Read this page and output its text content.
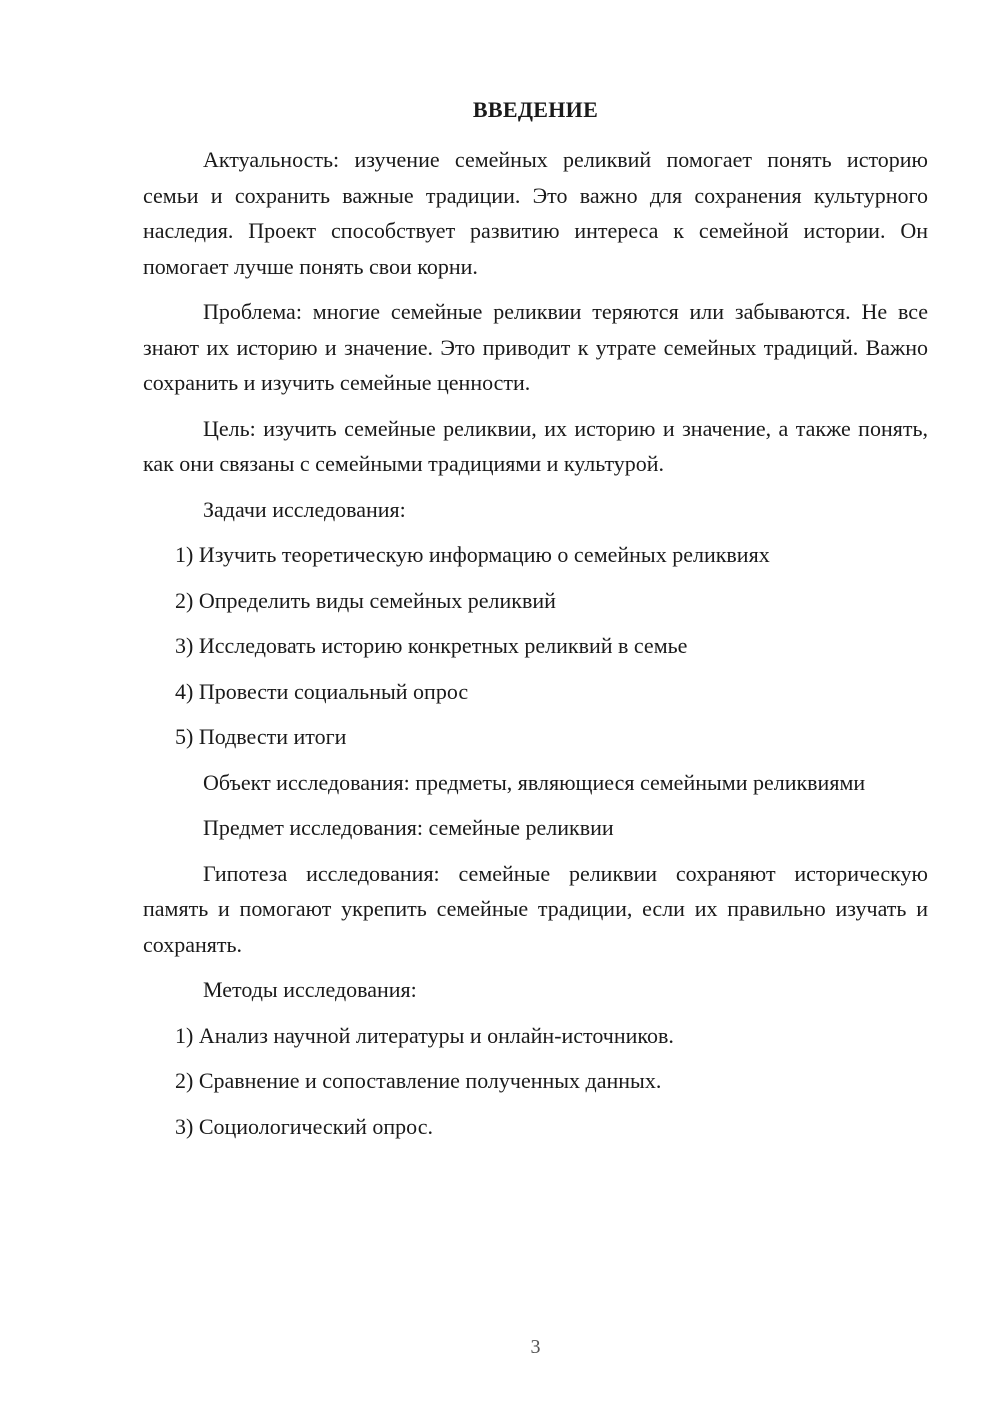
ВВЕДЕНИЕ

Актуальность: изучение семейных реликвий помогает понять историю семьи и сохранить важные традиции. Это важно для сохранения культурного наследия. Проект способствует развитию интереса к семейной истории. Он помогает лучше понять свои корни.

Проблема: многие семейные реликвии теряются или забываются. Не все знают их историю и значение. Это приводит к утрате семейных традиций. Важно сохранить и изучить семейные ценности.

Цель: изучить семейные реликвии, их историю и значение, а также понять, как они связаны с семейными традициями и культурой.

Задачи исследования:

1) Изучить теоретическую информацию о семейных реликвиях

2) Определить виды семейных реликвий

3) Исследовать историю конкретных реликвий в семье

4) Провести социальный опрос

5) Подвести итоги

Объект исследования: предметы, являющиеся семейными реликвиями

Предмет исследования: семейные реликвии

Гипотеза исследования: семейные реликвии сохраняют историческую память и помогают укрепить семейные традиции, если их правильно изучать и сохранять.

Методы исследования:

1) Анализ научной литературы и онлайн-источников.

2) Сравнение и сопоставление полученных данных.

3) Социологический опрос.

3
